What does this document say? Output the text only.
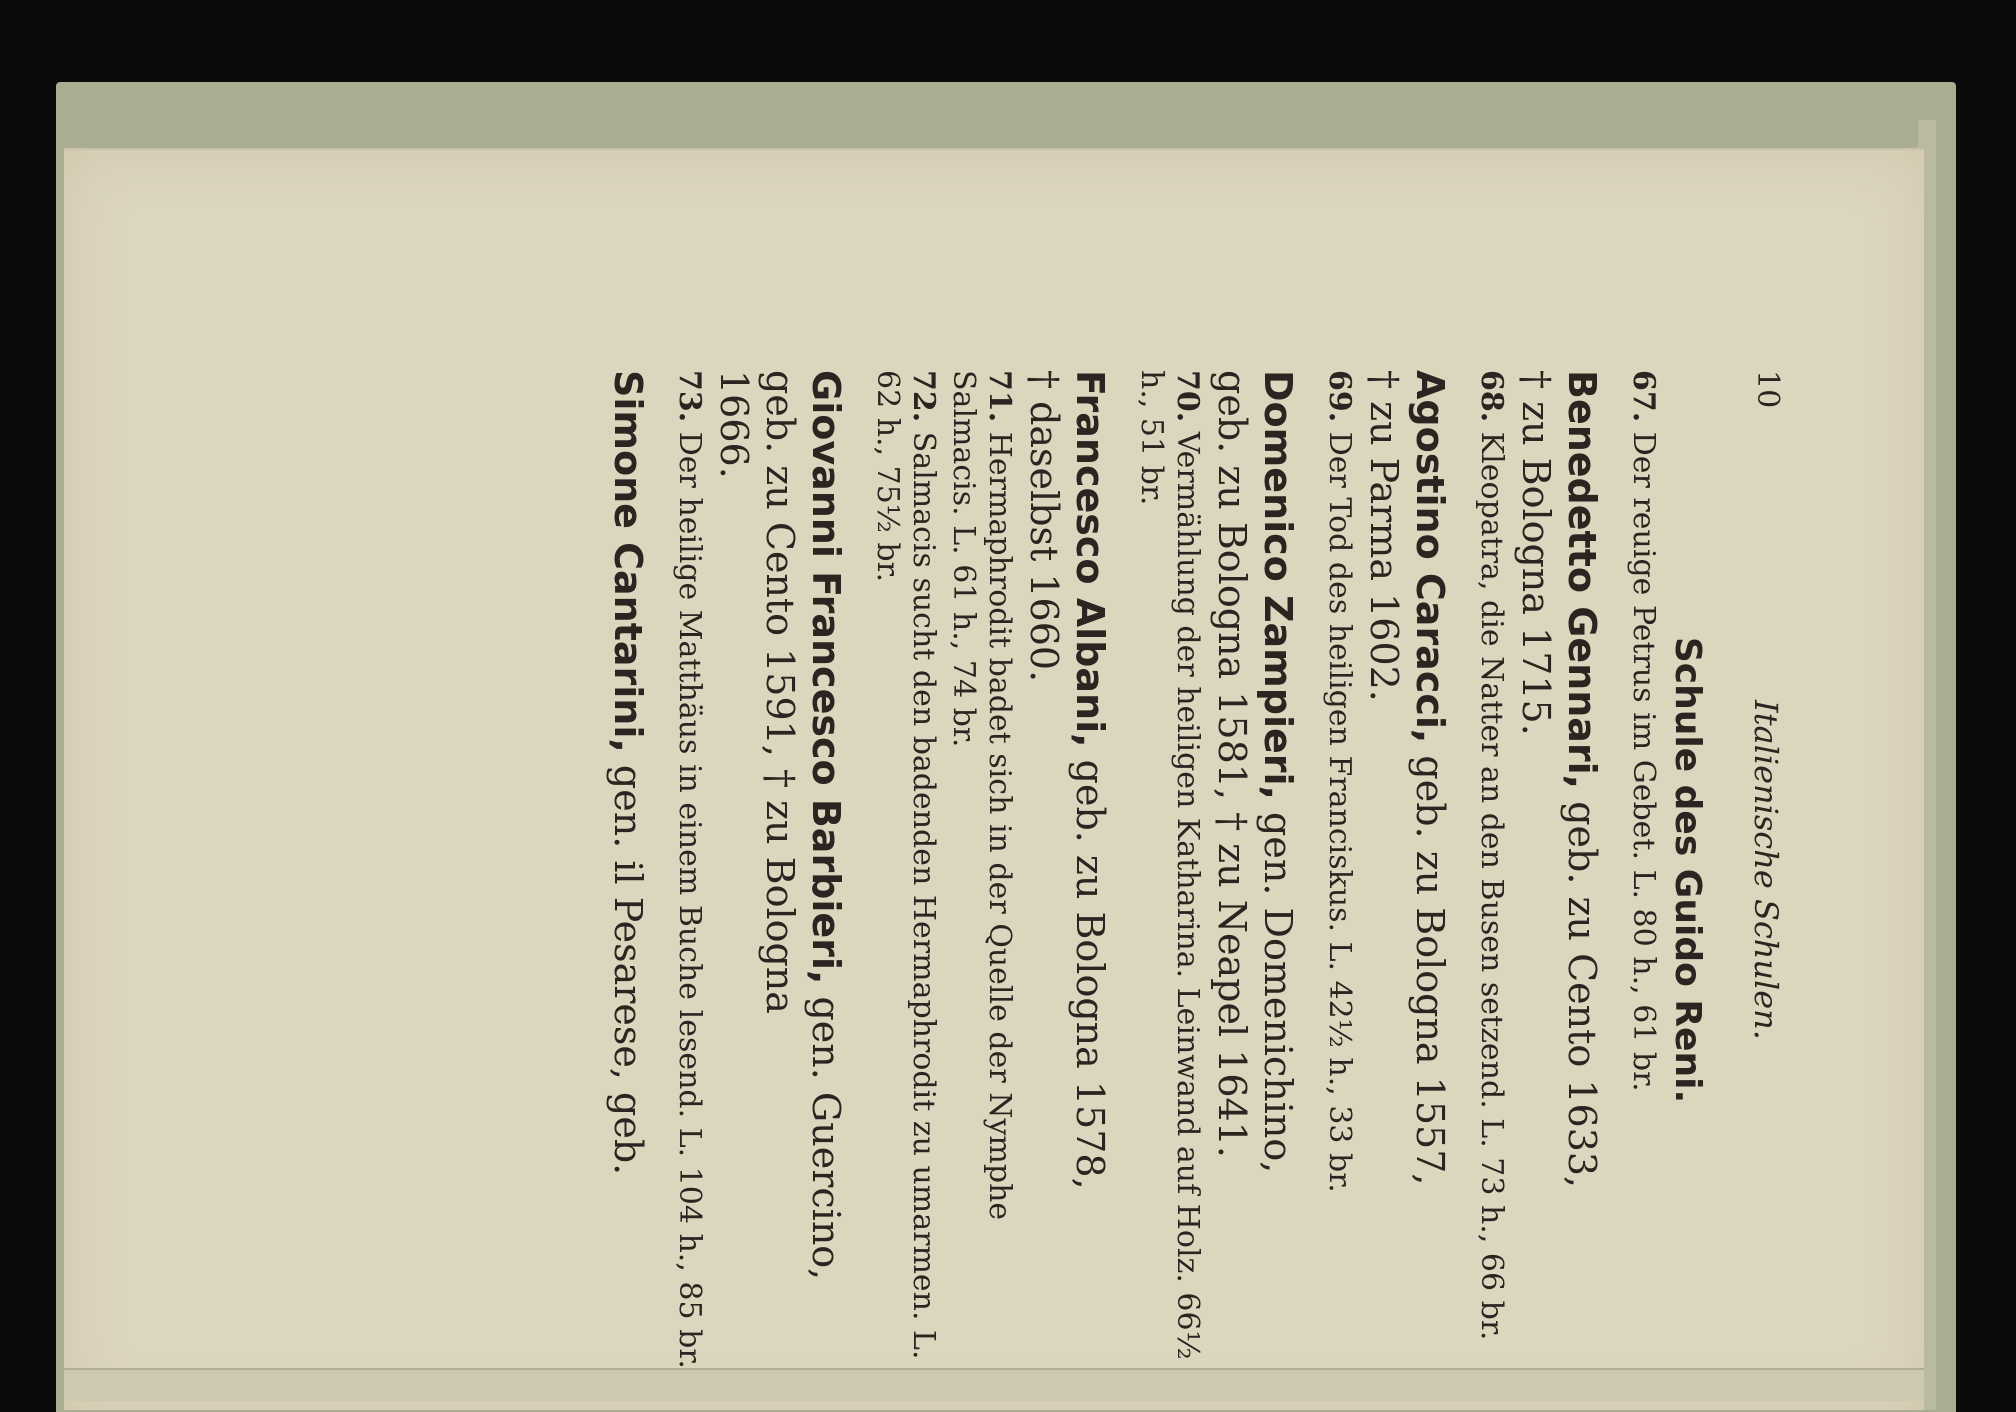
10
Italienische Schulen.
Schule des Guido Reni.
67. Der reuige Petrus im Gebet. L. 80 h., 61 br.
Benedetto Gennari, geb. zu Cento 1633,
† zu Bologna 1715.
68. Kleopatra, die Natter an den Busen setzend. L. 73 h., 66 br.
Agostino Caracci, geb. zu Bologna 1557,
† zu Parma 1602.
69. Der Tod des heiligen Franciskus. L. 42½ h., 33 br.
Domenico Zampieri, gen. Domenichino,
geb. zu Bologna 1581, † zu Neapel 1641.
70. Vermählung der heiligen Katharina. Leinwand auf Holz. 66½ h., 51 br.
Francesco Albani, geb. zu Bologna 1578,
† daselbst 1660.
71. Hermaphrodit badet sich in der Quelle der Nymphe Salmacis. L. 61 h., 74 br.
72. Salmacis sucht den badenden Hermaphrodit zu umarmen. L. 62 h., 75½ br.
Giovanni Francesco Barbieri, gen. Guercino, geb. zu Cento 1591, † zu Bologna
1666.
73. Der heilige Matthäus in einem Buche lesend. L. 104 h., 85 br.
Simone Cantarini, gen. il Pesarese, geb.
